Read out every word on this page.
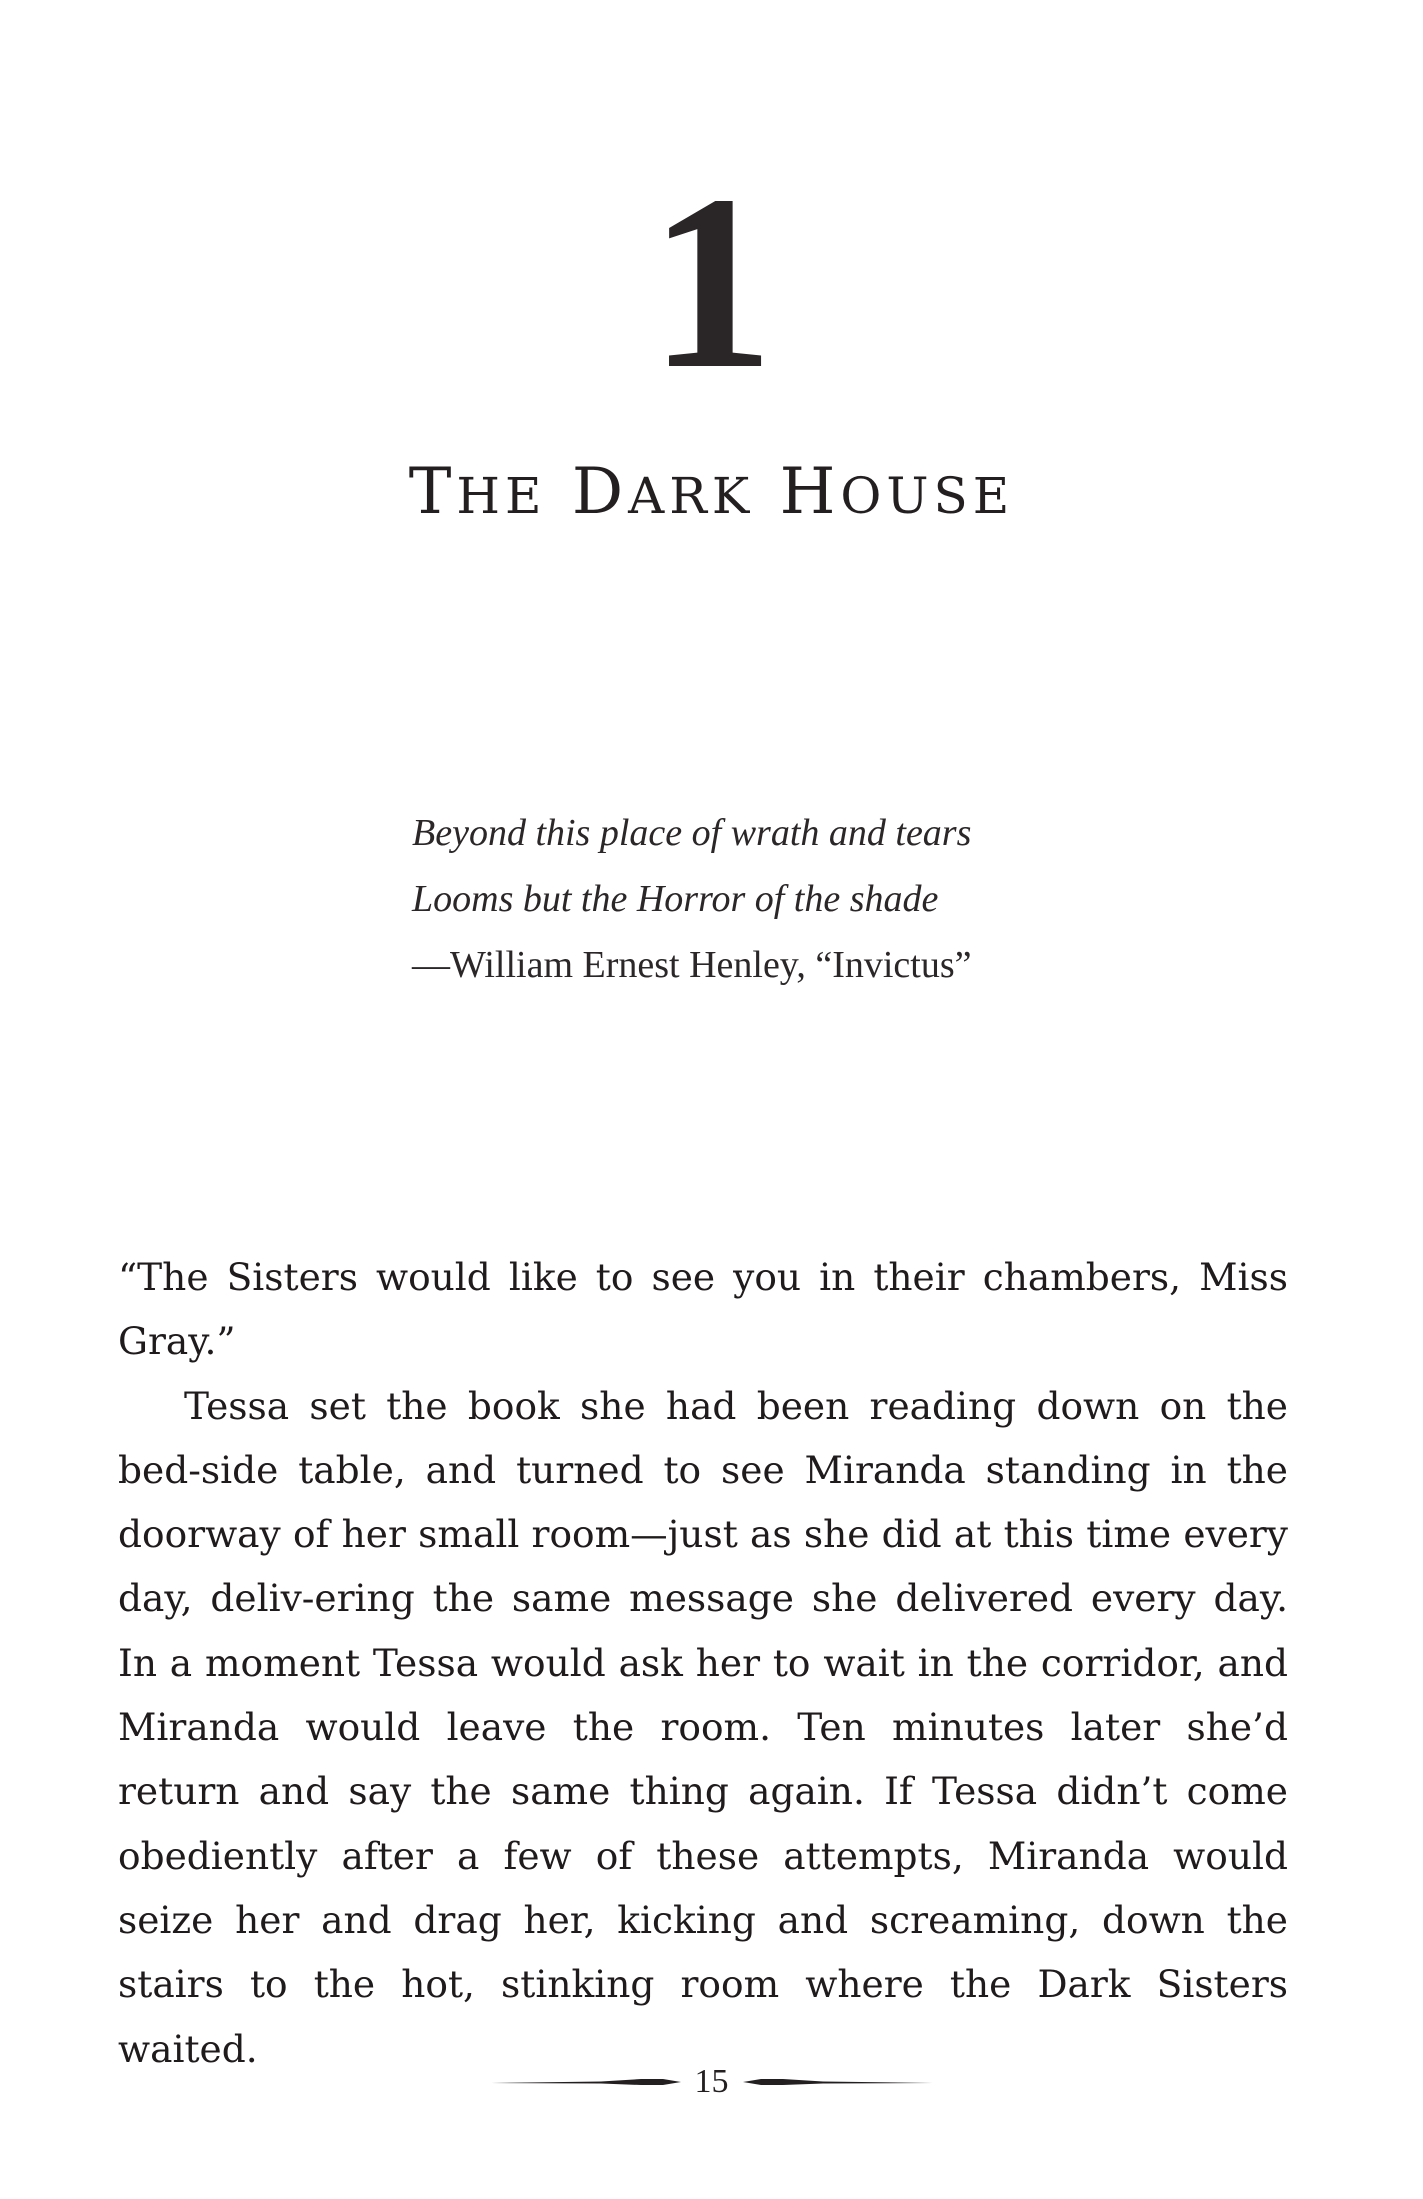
1
THE DARK HOUSE
Beyond this place of wrath and tears
Looms but the Horror of the shade
—William Ernest Henley, “Invictus”

“The Sisters would like to see you in their chambers, Miss Gray.”

Tessa set the book she had been reading down on the bed-side table, and turned to see Miranda standing in the doorway of her small room—just as she did at this time every day, deliv-ering the same message she delivered every day. In a moment Tessa would ask her to wait in the corridor, and Miranda would leave the room. Ten minutes later she’d return and say the same thing again. If Tessa didn’t come obediently after a few of these attempts, Miranda would seize her and drag her, kicking and screaming, down the stairs to the hot, stinking room where the Dark Sisters waited.

15
